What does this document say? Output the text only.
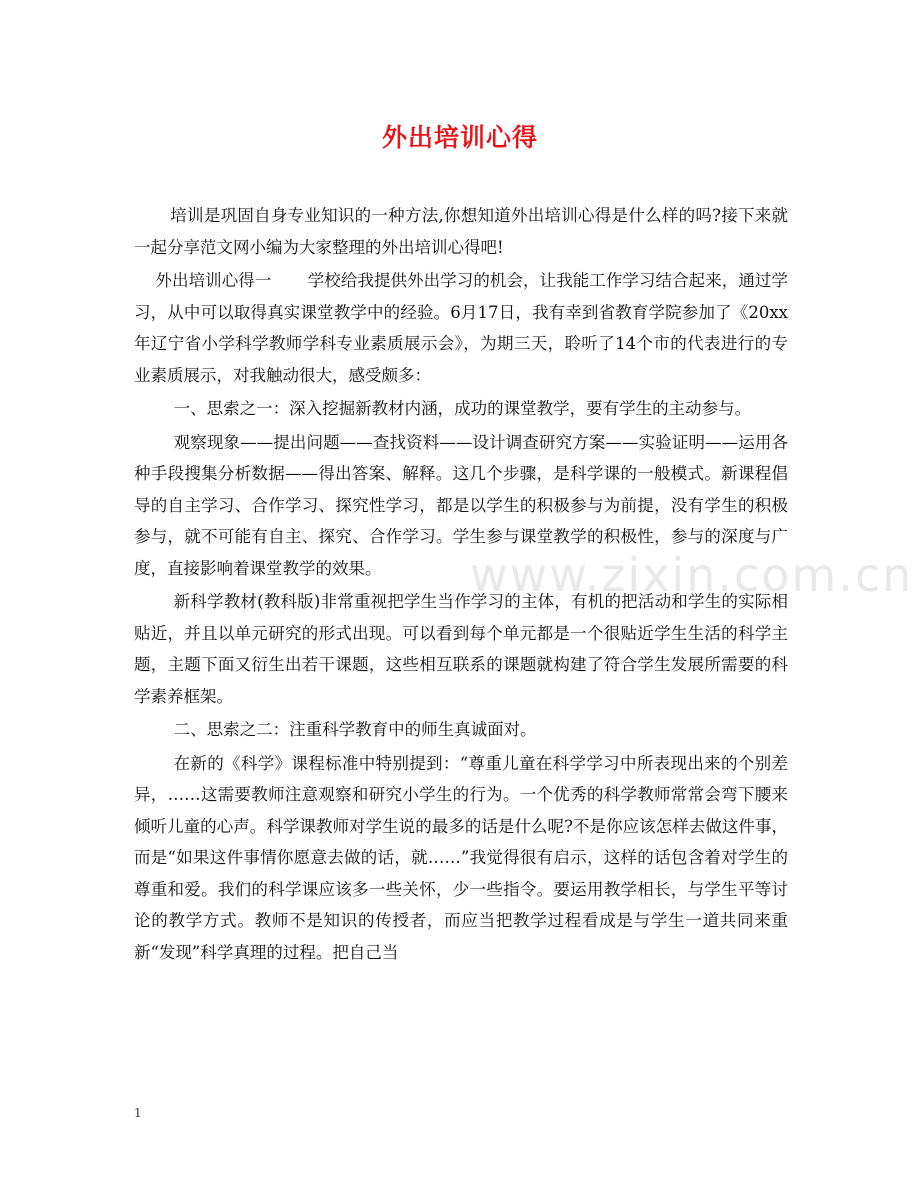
外出培训心得
www.zixin.com.cn

培训是巩固自身专业知识的一种方法,你想知道外出培训心得是什么样的吗?接下来就一起分享范文网小编为大家整理的外出培训心得吧!

外出培训心得一 学校给我提供外出学习的机会，让我能工作学习结合起来，通过学习，从中可以取得真实课堂教学中的经验。6月17日，我有幸到省教育学院参加了《20xx年辽宁省小学科学教师学科专业素质展示会》，为期三天，聆听了14个市的代表进行的专业素质展示，对我触动很大，感受颇多：

一、思索之一：深入挖掘新教材内涵，成功的课堂教学，要有学生的主动参与。

观察现象——提出问题——查找资料——设计调查研究方案——实验证明——运用各种手段搜集分析数据——得出答案、解释。这几个步骤，是科学课的一般模式。新课程倡导的自主学习、合作学习、探究性学习，都是以学生的积极参与为前提，没有学生的积极参与，就不可能有自主、探究、合作学习。学生参与课堂教学的积极性，参与的深度与广度，直接影响着课堂教学的效果。

新科学教材(教科版)非常重视把学生当作学习的主体，有机的把活动和学生的实际相贴近，并且以单元研究的形式出现。可以看到每个单元都是一个很贴近学生生活的科学主题，主题下面又衍生出若干课题，这些相互联系的课题就构建了符合学生发展所需要的科学素养框架。

二、思索之二：注重科学教育中的师生真诚面对。

在新的《科学》课程标准中特别提到：“尊重儿童在科学学习中所表现出来的个别差异，……这需要教师注意观察和研究小学生的行为。一个优秀的科学教师常常会弯下腰来倾听儿童的心声。科学课教师对学生说的最多的话是什么呢?不是你应该怎样去做这件事，而是“如果这件事情你愿意去做的话，就……”我觉得很有启示，这样的话包含着对学生的尊重和爱。我们的科学课应该多一些关怀，少一些指令。要运用教学相长，与学生平等讨论的教学方式。教师不是知识的传授者，而应当把教学过程看成是与学生一道共同来重新“发现”科学真理的过程。把自己当

1
